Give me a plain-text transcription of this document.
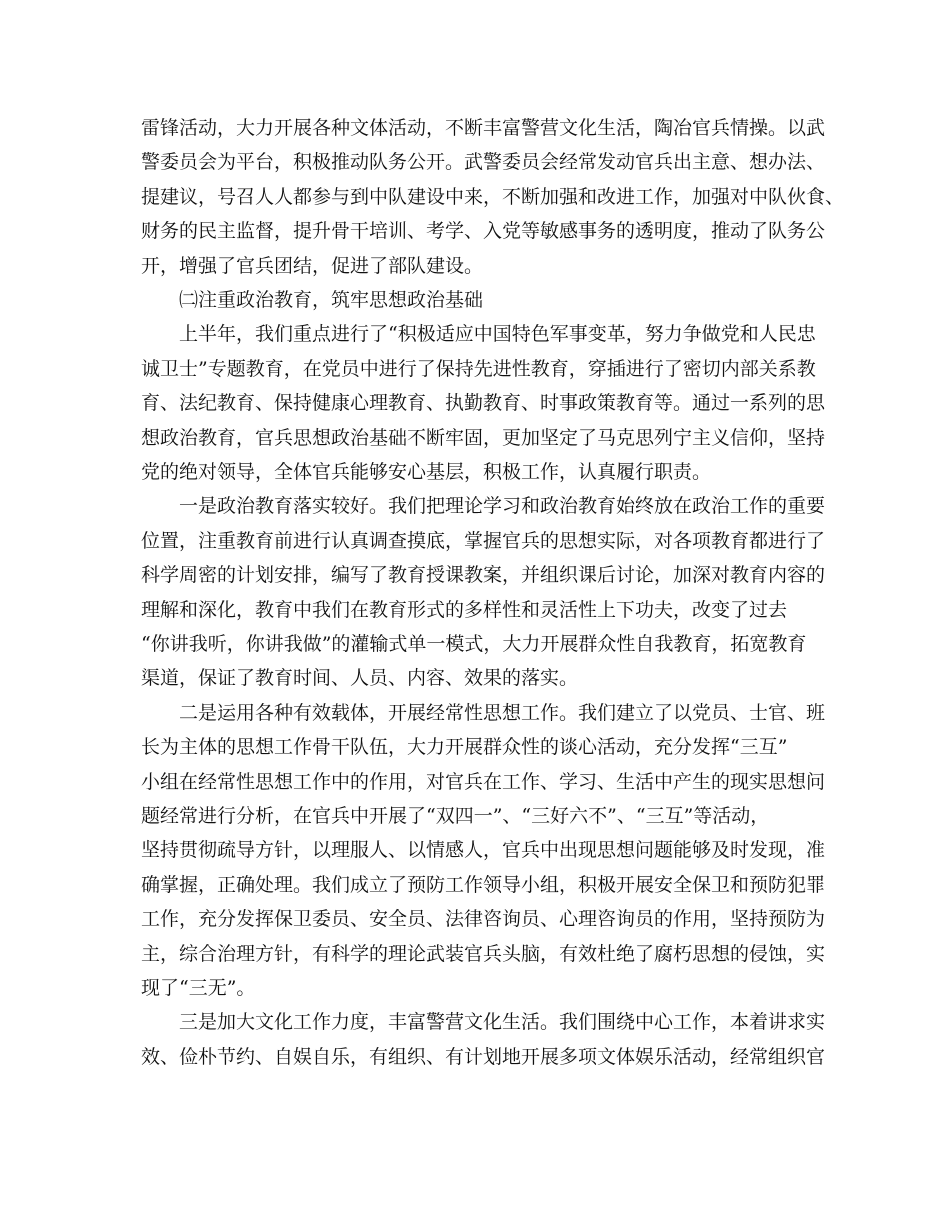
雷锋活动，大力开展各种文体活动，不断丰富警营文化生活，陶冶官兵情操。以武
警委员会为平台，积极推动队务公开。武警委员会经常发动官兵出主意、想办法、
提建议，号召人人都参与到中队建设中来，不断加强和改进工作，加强对中队伙食、
财务的民主监督，提升骨干培训、考学、入党等敏感事务的透明度，推动了队务公
开，增强了官兵团结，促进了部队建设。
㈡注重政治教育，筑牢思想政治基础
上半年，我们重点进行了“积极适应中国特色军事变革，努力争做党和人民忠
诚卫士”专题教育，在党员中进行了保持先进性教育，穿插进行了密切内部关系教
育、法纪教育、保持健康心理教育、执勤教育、时事政策教育等。通过一系列的思
想政治教育，官兵思想政治基础不断牢固，更加坚定了马克思列宁主义信仰，坚持
党的绝对领导，全体官兵能够安心基层，积极工作，认真履行职责。
一是政治教育落实较好。我们把理论学习和政治教育始终放在政治工作的重要
位置，注重教育前进行认真调查摸底，掌握官兵的思想实际，对各项教育都进行了
科学周密的计划安排，编写了教育授课教案，并组织课后讨论，加深对教育内容的
理解和深化，教育中我们在教育形式的多样性和灵活性上下功夫，改变了过去
“你讲我听，你讲我做”的灌输式单一模式，大力开展群众性自我教育，拓宽教育
渠道，保证了教育时间、人员、内容、效果的落实。
二是运用各种有效载体，开展经常性思想工作。我们建立了以党员、士官、班
长为主体的思想工作骨干队伍，大力开展群众性的谈心活动，充分发挥“三互”
小组在经常性思想工作中的作用，对官兵在工作、学习、生活中产生的现实思想问
题经常进行分析，在官兵中开展了“双四一”、“三好六不”、“三互”等活动，
坚持贯彻疏导方针，以理服人、以情感人，官兵中出现思想问题能够及时发现，准
确掌握，正确处理。我们成立了预防工作领导小组，积极开展安全保卫和预防犯罪
工作，充分发挥保卫委员、安全员、法律咨询员、心理咨询员的作用，坚持预防为
主，综合治理方针，有科学的理论武装官兵头脑，有效杜绝了腐朽思想的侵蚀，实
现了“三无”。
三是加大文化工作力度，丰富警营文化生活。我们围绕中心工作，本着讲求实
效、俭朴节约、自娱自乐，有组织、有计划地开展多项文体娱乐活动，经常组织官
